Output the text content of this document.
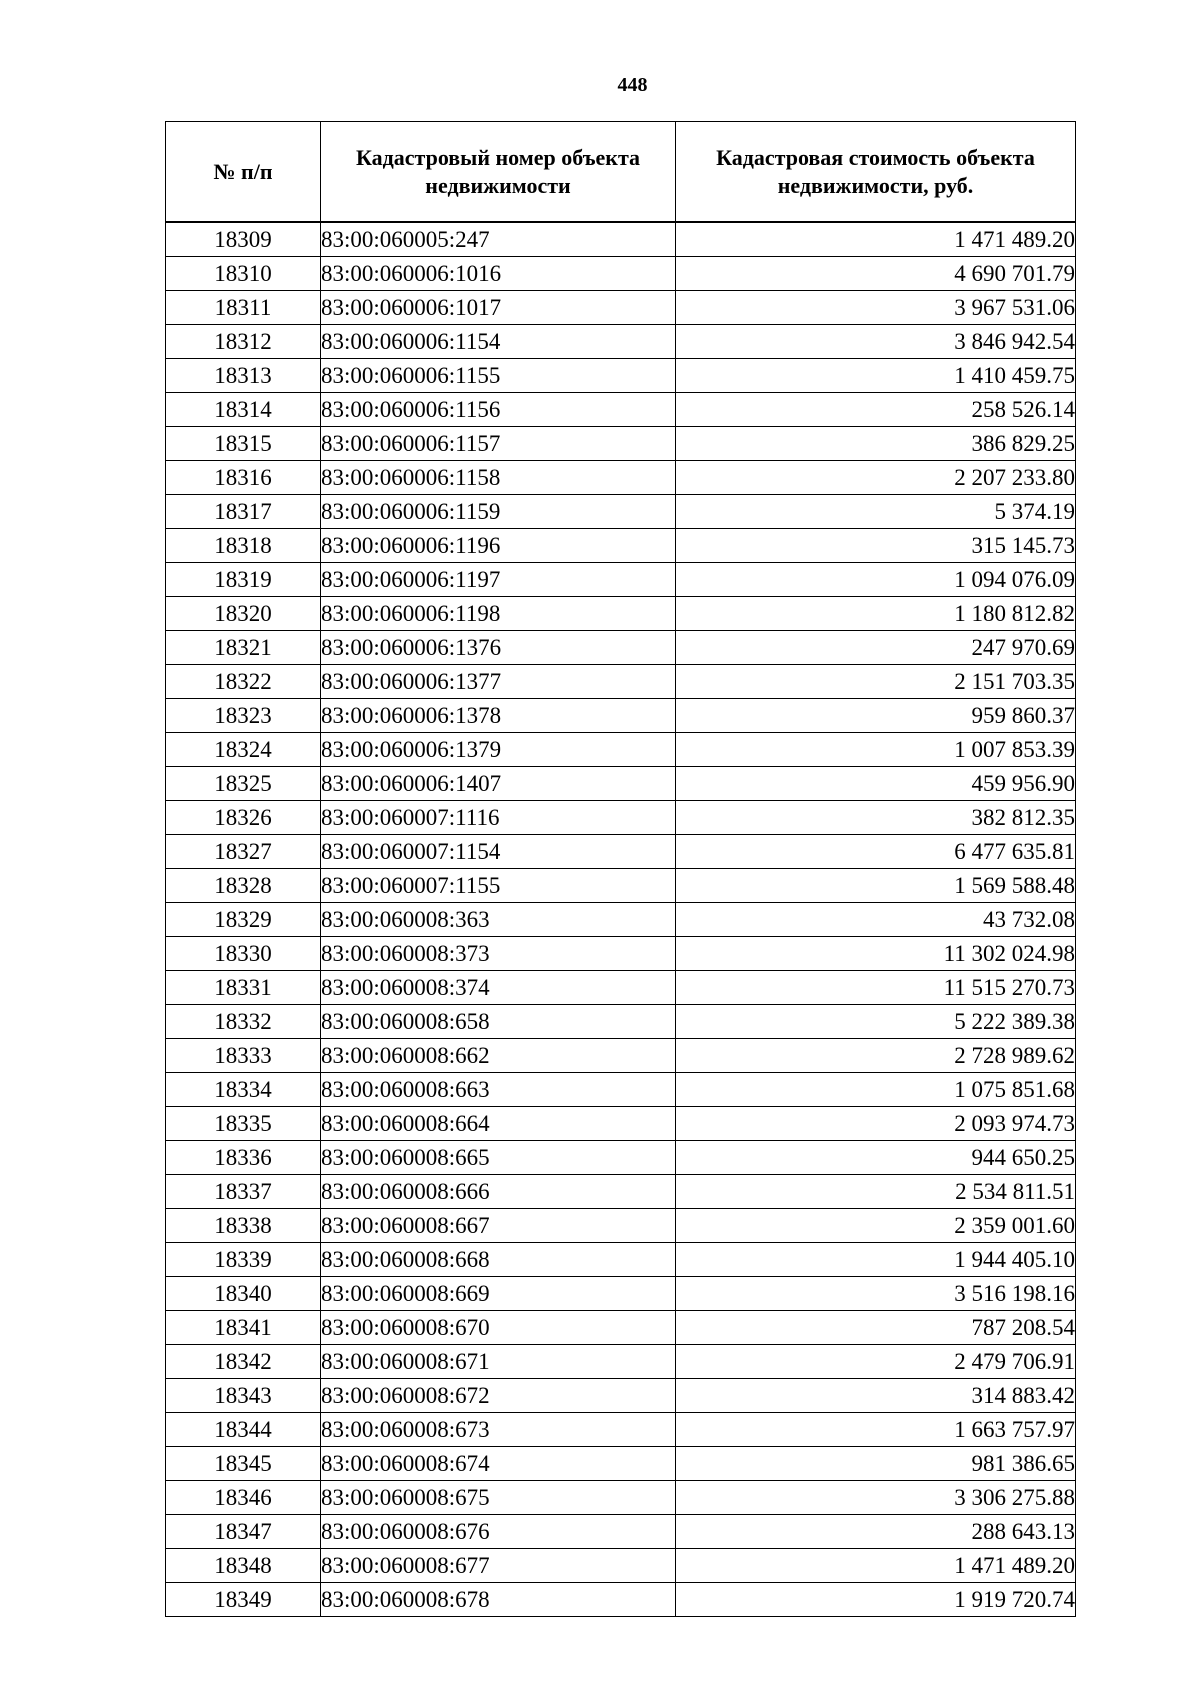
448
№ п/п	Кадастровый номер объекта недвижимости	Кадастровая стоимость объекта недвижимости, руб.
18309	83:00:060005:247	1 471 489.20
18310	83:00:060006:1016	4 690 701.79
18311	83:00:060006:1017	3 967 531.06
18312	83:00:060006:1154	3 846 942.54
18313	83:00:060006:1155	1 410 459.75
18314	83:00:060006:1156	258 526.14
18315	83:00:060006:1157	386 829.25
18316	83:00:060006:1158	2 207 233.80
18317	83:00:060006:1159	5 374.19
18318	83:00:060006:1196	315 145.73
18319	83:00:060006:1197	1 094 076.09
18320	83:00:060006:1198	1 180 812.82
18321	83:00:060006:1376	247 970.69
18322	83:00:060006:1377	2 151 703.35
18323	83:00:060006:1378	959 860.37
18324	83:00:060006:1379	1 007 853.39
18325	83:00:060006:1407	459 956.90
18326	83:00:060007:1116	382 812.35
18327	83:00:060007:1154	6 477 635.81
18328	83:00:060007:1155	1 569 588.48
18329	83:00:060008:363	43 732.08
18330	83:00:060008:373	11 302 024.98
18331	83:00:060008:374	11 515 270.73
18332	83:00:060008:658	5 222 389.38
18333	83:00:060008:662	2 728 989.62
18334	83:00:060008:663	1 075 851.68
18335	83:00:060008:664	2 093 974.73
18336	83:00:060008:665	944 650.25
18337	83:00:060008:666	2 534 811.51
18338	83:00:060008:667	2 359 001.60
18339	83:00:060008:668	1 944 405.10
18340	83:00:060008:669	3 516 198.16
18341	83:00:060008:670	787 208.54
18342	83:00:060008:671	2 479 706.91
18343	83:00:060008:672	314 883.42
18344	83:00:060008:673	1 663 757.97
18345	83:00:060008:674	981 386.65
18346	83:00:060008:675	3 306 275.88
18347	83:00:060008:676	288 643.13
18348	83:00:060008:677	1 471 489.20
18349	83:00:060008:678	1 919 720.74
